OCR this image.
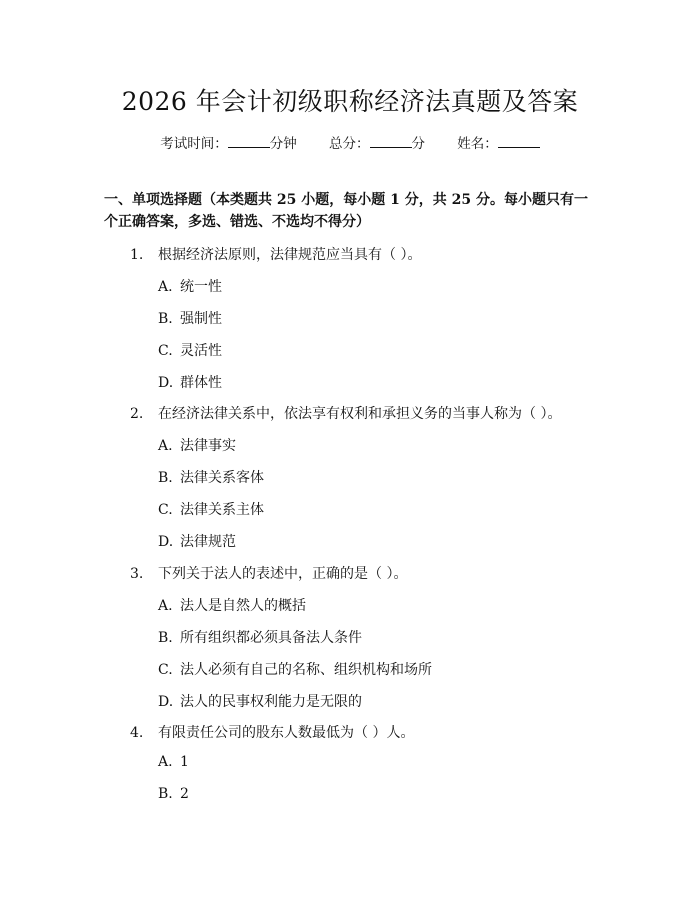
2026 年会计初级职称经济法真题及答案
考试时间：	分钟 总分：	分 姓名：
一、单项选择题（本类题共 25 小题，每小题 1 分，共 25 分。每小题只有一个正确答案，多选、错选、不选均不得分）
1. 根据经济法原则，法律规范应当具有（ ）。
A. 统一性
B. 强制性
C. 灵活性
D. 群体性
2. 在经济法律关系中，依法享有权利和承担义务的当事人称为（ ）。
A. 法律事实
B. 法律关系客体
C. 法律关系主体
D. 法律规范
3. 下列关于法人的表述中，正确的是（ ）。
A. 法人是自然人的概括
B. 所有组织都必须具备法人条件
C. 法人必须有自己的名称、组织机构和场所
D. 法人的民事权利能力是无限的
4. 有限责任公司的股东人数最低为（ ）人。
A. 1
B. 2
